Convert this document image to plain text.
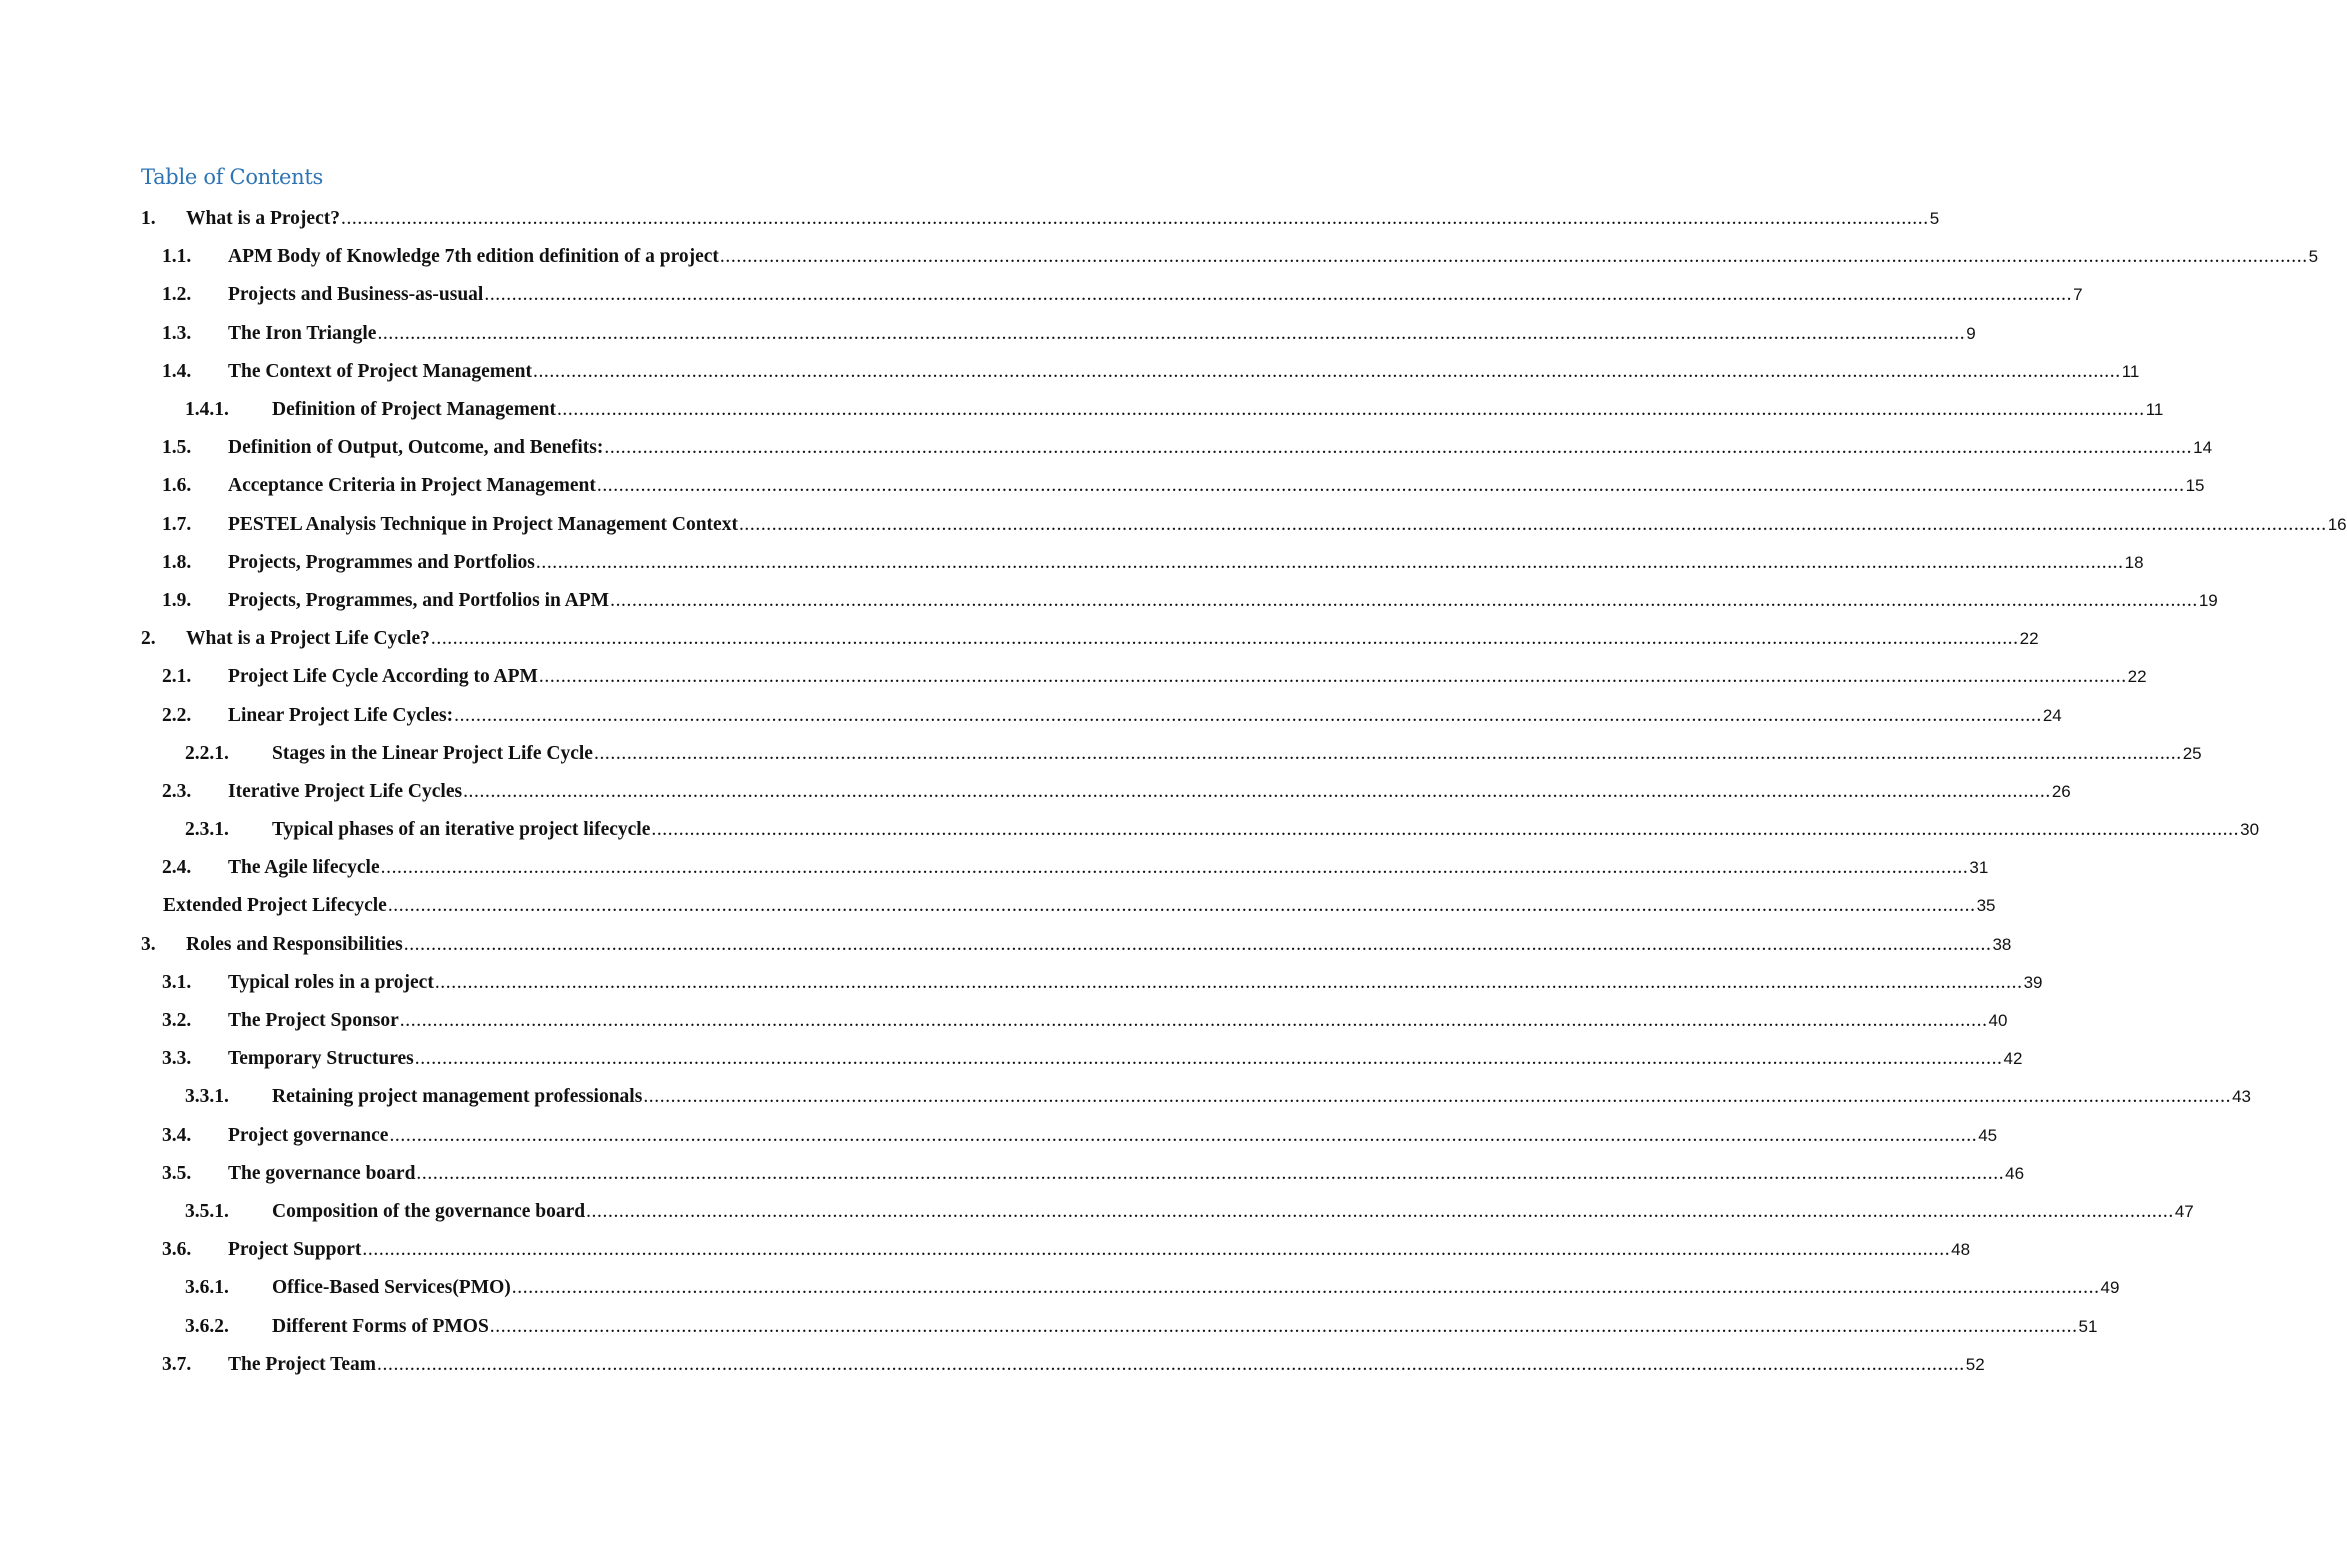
Table of Contents
1. What is a Project? .................................................................................................................................................................................................................................................................................................. 5
1.1. APM Body of Knowledge 7th edition definition of a project .................................................................................................................................................................................................................................................................................................. 5
1.2. Projects and Business-as-usual .................................................................................................................................................................................................................................................................................................. 7
1.3. The Iron Triangle .................................................................................................................................................................................................................................................................................................. 9
1.4. The Context of Project Management .................................................................................................................................................................................................................................................................................................. 11
1.4.1. Definition of Project Management .................................................................................................................................................................................................................................................................................................. 11
1.5. Definition of Output, Outcome, and Benefits: .................................................................................................................................................................................................................................................................................................. 14
1.6. Acceptance Criteria in Project Management .................................................................................................................................................................................................................................................................................................. 15
1.7. PESTEL Analysis Technique in Project Management Context .................................................................................................................................................................................................................................................................................................. 16
1.8. Projects, Programmes and Portfolios .................................................................................................................................................................................................................................................................................................. 18
1.9. Projects, Programmes, and Portfolios in APM .................................................................................................................................................................................................................................................................................................. 19
2. What is a Project Life Cycle? .................................................................................................................................................................................................................................................................................................. 22
2.1. Project Life Cycle According to APM .................................................................................................................................................................................................................................................................................................. 22
2.2. Linear Project Life Cycles: .................................................................................................................................................................................................................................................................................................. 24
2.2.1. Stages in the Linear Project Life Cycle .................................................................................................................................................................................................................................................................................................. 25
2.3. Iterative Project Life Cycles .................................................................................................................................................................................................................................................................................................. 26
2.3.1. Typical phases of an iterative project lifecycle .................................................................................................................................................................................................................................................................................................. 30
2.4. The Agile lifecycle .................................................................................................................................................................................................................................................................................................. 31
Extended Project Lifecycle .................................................................................................................................................................................................................................................................................................. 35
3. Roles and Responsibilities .................................................................................................................................................................................................................................................................................................. 38
3.1. Typical roles in a project .................................................................................................................................................................................................................................................................................................. 39
3.2. The Project Sponsor .................................................................................................................................................................................................................................................................................................. 40
3.3. Temporary Structures .................................................................................................................................................................................................................................................................................................. 42
3.3.1. Retaining project management professionals .................................................................................................................................................................................................................................................................................................. 43
3.4. Project governance .................................................................................................................................................................................................................................................................................................. 45
3.5. The governance board .................................................................................................................................................................................................................................................................................................. 46
3.5.1. Composition of the governance board .................................................................................................................................................................................................................................................................................................. 47
3.6. Project Support .................................................................................................................................................................................................................................................................................................. 48
3.6.1. Office-Based Services(PMO) .................................................................................................................................................................................................................................................................................................. 49
3.6.2. Different Forms of PMOS .................................................................................................................................................................................................................................................................................................. 51
3.7. The Project Team .................................................................................................................................................................................................................................................................................................. 52
